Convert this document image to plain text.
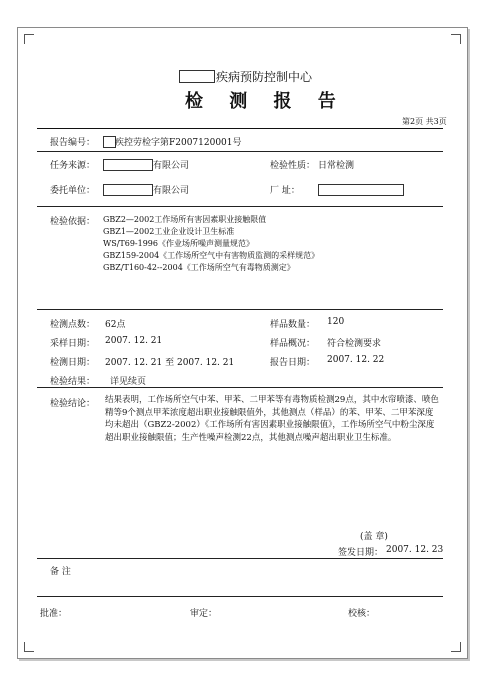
疾病预防控制中心
检 测 报 告
第2页 共3页
报告编号： 疾控劳检字第F2007120001号
任务来源：	有限公司	检验性质： 日常检测
委托单位：	有限公司	厂 址：
检验依据： GBZ2—2002工作场所有害因素职业接触限值
GBZ1—2002工业企业设计卫生标准
WS/T69-1996《作业场所噪声测量规范》
GBZ159-2004《工作场所空气中有害物质监测的采样规范》
GBZ/T160-42--2004《工作场所空气有毒物质测定》
检测点数： 62点	样品数量： 120
采样日期： 2007. 12. 21	样品概况： 符合检测要求
检测日期： 2007. 12. 21 至 2007. 12. 21	报告日期： 2007. 12. 22
检验结果： 详见续页
检验结论： 结果表明，工作场所空气中苯、甲苯、二甲苯等有毒物质检测29点，其中水帘喷漆、喷色精等9个测点甲苯浓度超出职业接触限值外，其他测点（样品）的苯、甲苯、二甲苯深度均未超出（GBZ2-2002）《工作场所有害因素职业接触限值》，工作场所空气中粉尘深度超出职业接触限值；生产性噪声检测22点，其他测点噪声超出职业卫生标准。
(盖 章)
签发日期： 2007. 12. 23
备 注
批准：	审定：	校核：
